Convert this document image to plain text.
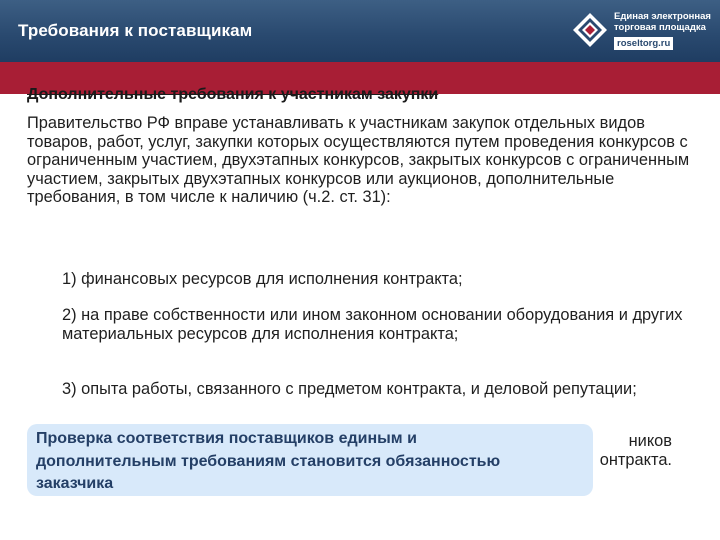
Требования к поставщикам
Единая электронная
торговая площадка
roseltorg.ru
Дополнительные требования к участникам закупки
Правительство РФ вправе устанавливать к участникам закупок отдельных видов товаров, работ, услуг, закупки которых осуществляются путем проведения конкурсов с ограниченным участием, двухэтапных конкурсов, закрытых конкурсов с ограниченным участием, закрытых двухэтапных конкурсов или аукционов, дополнительные требования, в том числе к наличию (ч.2. ст. 31):
1) финансовых ресурсов для исполнения контракта;
2) на праве собственности или ином законном основании оборудования и других материальных ресурсов для исполнения контракта;
3) опыта работы, связанного с предметом контракта, и деловой репутации;
ников
онтракта.
Проверка соответствия поставщиков единым и дополнительным требованиям становится обязанностью заказчика
